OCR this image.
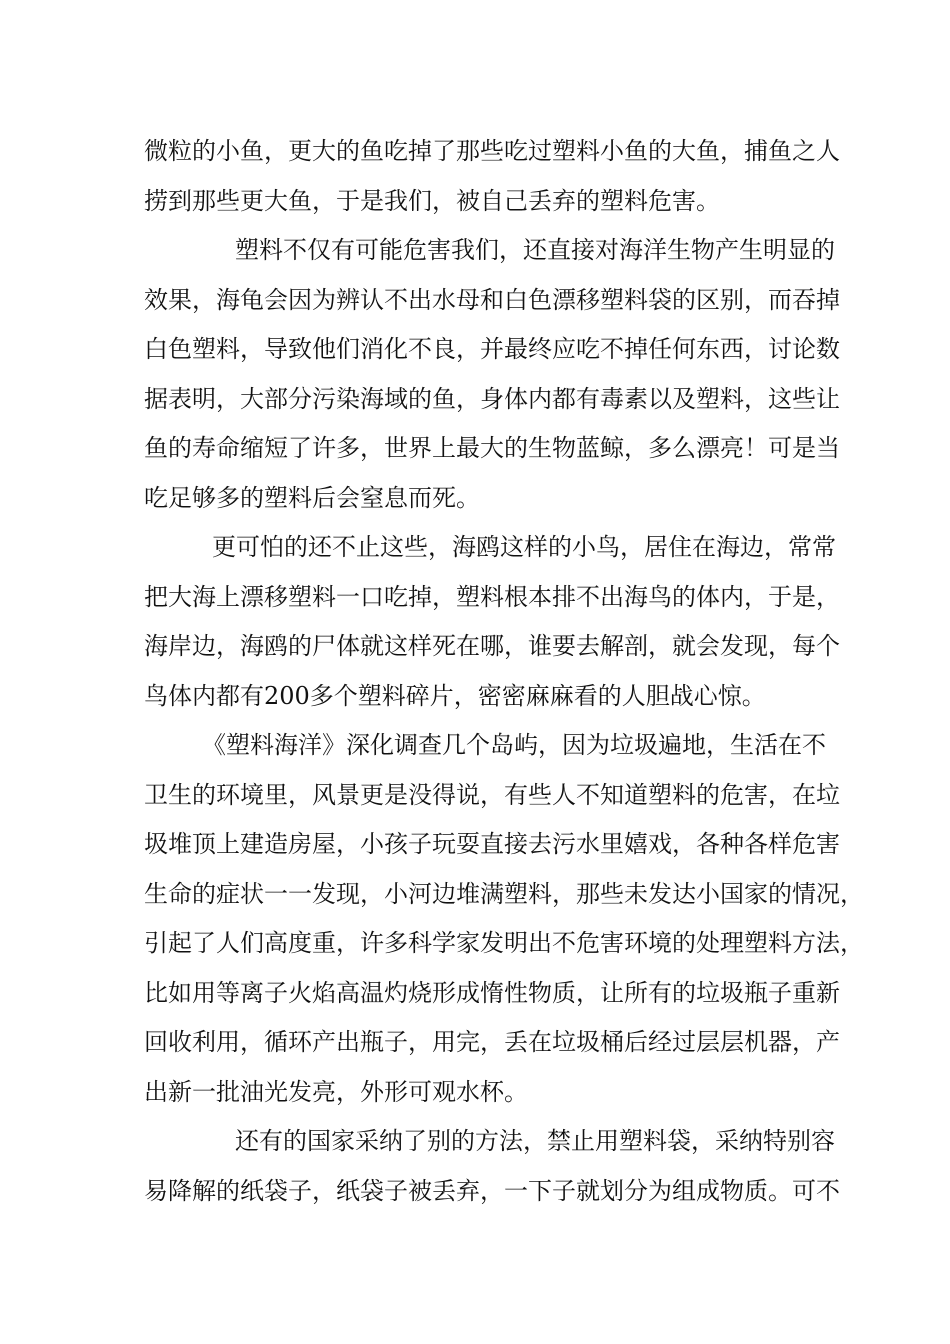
微粒的小鱼，更大的鱼吃掉了那些吃过塑料小鱼的大鱼，捕鱼之人
捞到那些更大鱼，于是我们，被自己丢弃的塑料危害。
塑料不仅有可能危害我们，还直接对海洋生物产生明显的
效果，海龟会因为辨认不出水母和白色漂移塑料袋的区别，而吞掉
白色塑料，导致他们消化不良，并最终应吃不掉任何东西，讨论数
据表明，大部分污染海域的鱼，身体内都有毒素以及塑料，这些让
鱼的寿命缩短了许多，世界上最大的生物蓝鲸，多么漂亮！可是当
吃足够多的塑料后会窒息而死。
更可怕的还不止这些，海鸥这样的小鸟，居住在海边，常常
把大海上漂移塑料一口吃掉，塑料根本排不出海鸟的体内，于是，
海岸边，海鸥的尸体就这样死在哪，谁要去解剖，就会发现，每个
鸟体内都有200多个塑料碎片，密密麻麻看的人胆战心惊。
《塑料海洋》深化调查几个岛屿，因为垃圾遍地，生活在不
卫生的环境里，风景更是没得说，有些人不知道塑料的危害，在垃
圾堆顶上建造房屋，小孩子玩耍直接去污水里嬉戏，各种各样危害
生命的症状一一发现，小河边堆满塑料，那些未发达小国家的情况，
引起了人们高度重，许多科学家发明出不危害环境的处理塑料方法，
比如用等离子火焰高温灼烧形成惰性物质，让所有的垃圾瓶子重新
回收利用，循环产出瓶子，用完，丢在垃圾桶后经过层层机器，产
出新一批油光发亮，外形可观水杯。
还有的国家采纳了别的方法，禁止用塑料袋，采纳特别容
易降解的纸袋子，纸袋子被丢弃，一下子就划分为组成物质。可不
